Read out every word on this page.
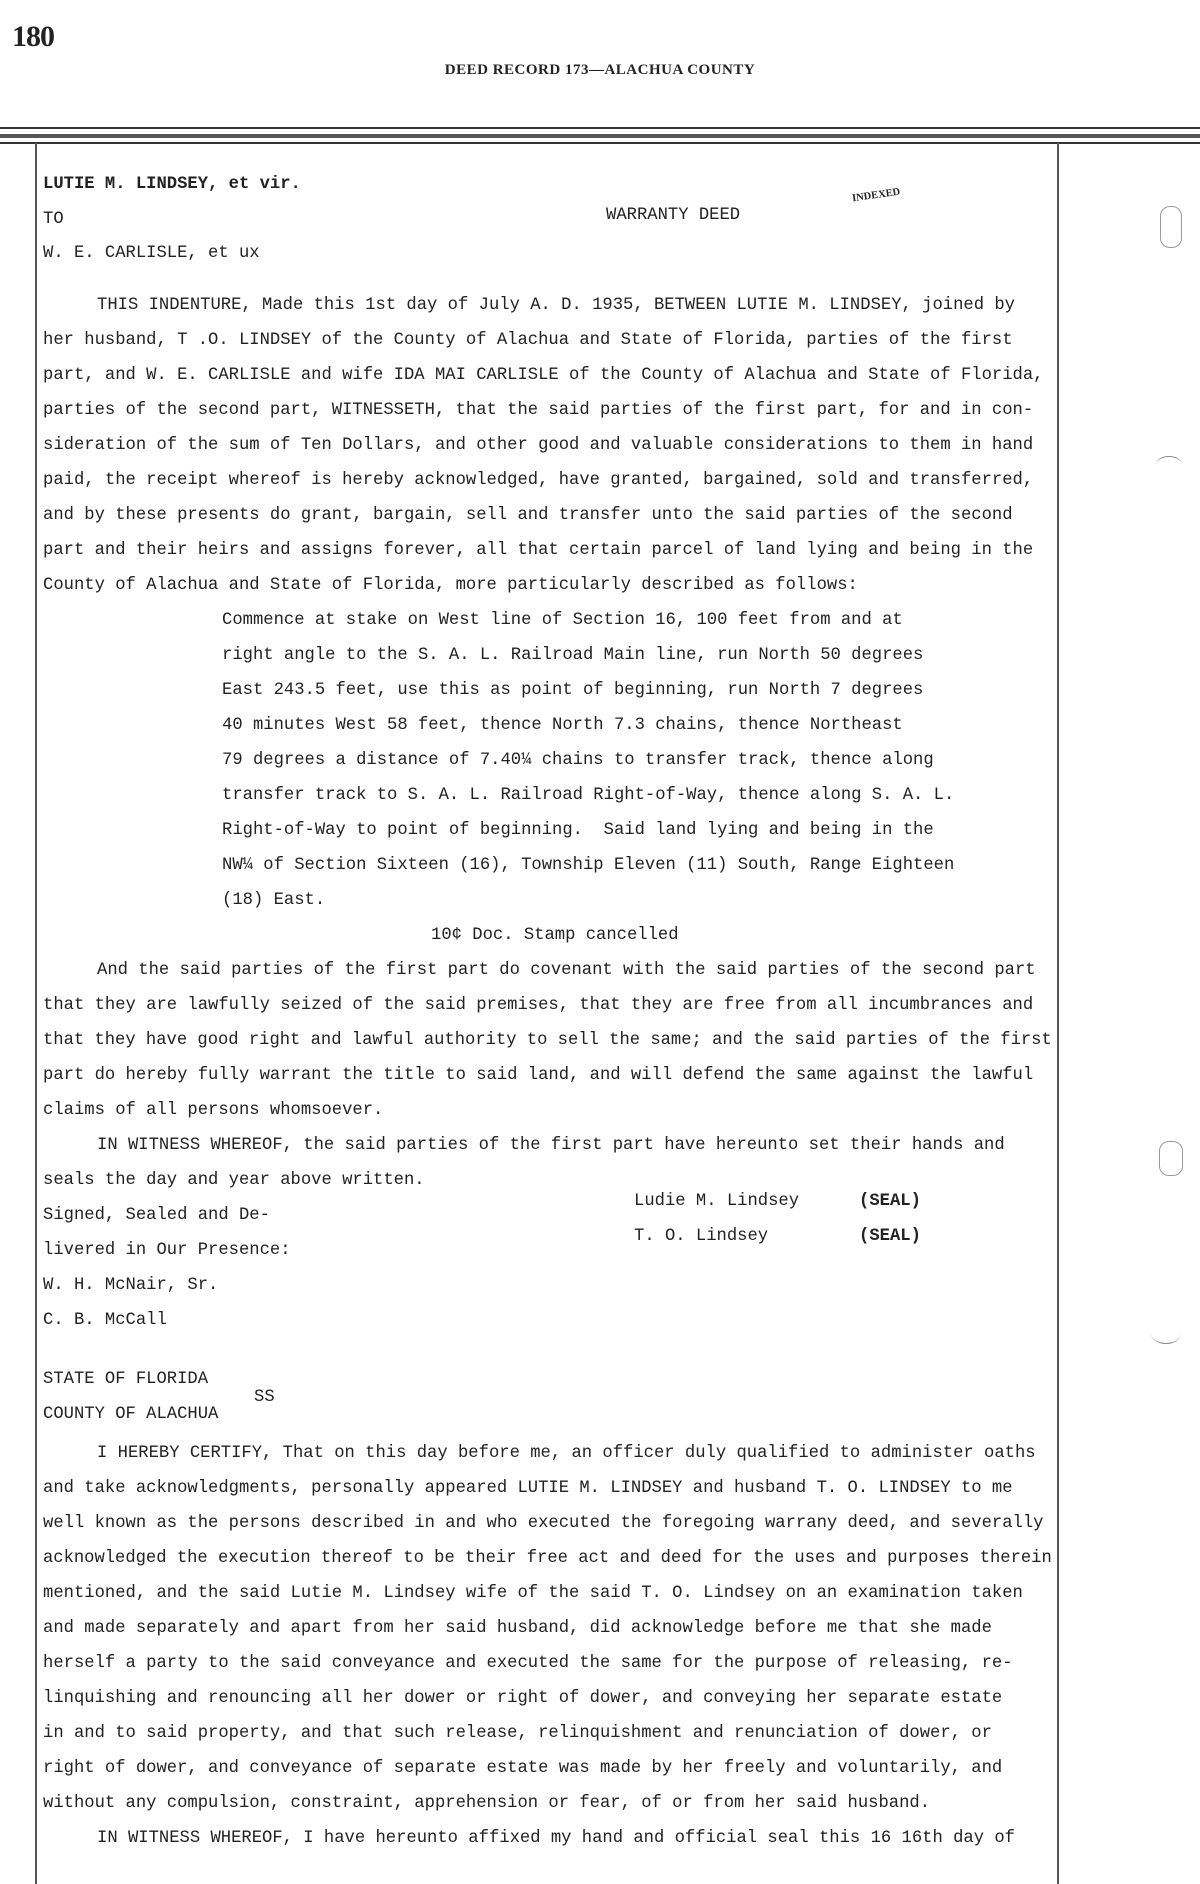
180
DEED RECORD 173—ALACHUA COUNTY
LUTIE M. LINDSEY, et vir.
TO
W. E. CARLISLE, et ux
WARRANTY DEED
INDEXED
THIS INDENTURE, Made this 1st day of July A. D. 1935, BETWEEN LUTIE M. LINDSEY, joined by
her husband, T .O. LINDSEY of the County of Alachua and State of Florida, parties of the first
part, and W. E. CARLISLE and wife IDA MAI CARLISLE of the County of Alachua and State of Florida,
parties of the second part, WITNESSETH, that the said parties of the first part, for and in con-
sideration of the sum of Ten Dollars, and other good and valuable considerations to them in hand
paid, the receipt whereof is hereby acknowledged, have granted, bargained, sold and transferred,
and by these presents do grant, bargain, sell and transfer unto the said parties of the second
part and their heirs and assigns forever, all that certain parcel of land lying and being in the
County of Alachua and State of Florida, more particularly described as follows:
Commence at stake on West line of Section 16, 100 feet from and at
right angle to the S. A. L. Railroad Main line, run North 50 degrees
East 243.5 feet, use this as point of beginning, run North 7 degrees
40 minutes West 58 feet, thence North 7.3 chains, thence Northeast
79 degrees a distance of 7.40¼ chains to transfer track, thence along
transfer track to S. A. L. Railroad Right-of-Way, thence along S. A. L.
Right-of-Way to point of beginning.  Said land lying and being in the
NW¼ of Section Sixteen (16), Township Eleven (11) South, Range Eighteen
(18) East.
10¢ Doc. Stamp cancelled
And the said parties of the first part do covenant with the said parties of the second part
that they are lawfully seized of the said premises, that they are free from all incumbrances and
that they have good right and lawful authority to sell the same; and the said parties of the first
part do hereby fully warrant the title to said land, and will defend the same against the lawful
claims of all persons whomsoever.
IN WITNESS WHEREOF, the said parties of the first part have hereunto set their hands and
seals the day and year above written.
Signed, Sealed and De-
livered in Our Presence:
W. H. McNair, Sr.
C. B. McCall
Ludie M. Lindsey	(SEAL)
T. O. Lindsey	(SEAL)
STATE OF FLORIDA
SS
COUNTY OF ALACHUA
I HEREBY CERTIFY, That on this day before me, an officer duly qualified to administer oaths
and take acknowledgments, personally appeared LUTIE M. LINDSEY and husband T. O. LINDSEY to me
well known as the persons described in and who executed the foregoing warrany deed, and severally
acknowledged the execution thereof to be their free act and deed for the uses and purposes therein
mentioned, and the said Lutie M. Lindsey wife of the said T. O. Lindsey on an examination taken
and made separately and apart from her said husband, did acknowledge before me that she made
herself a party to the said conveyance and executed the same for the purpose of releasing, re-
linquishing and renouncing all her dower or right of dower, and conveying her separate estate
in and to said property, and that such release, relinquishment and renunciation of dower, or
right of dower, and conveyance of separate estate was made by her freely and voluntarily, and
without any compulsion, constraint, apprehension or fear, of or from her said husband.
IN WITNESS WHEREOF, I have hereunto affixed my hand and official seal this 16 16th day of
